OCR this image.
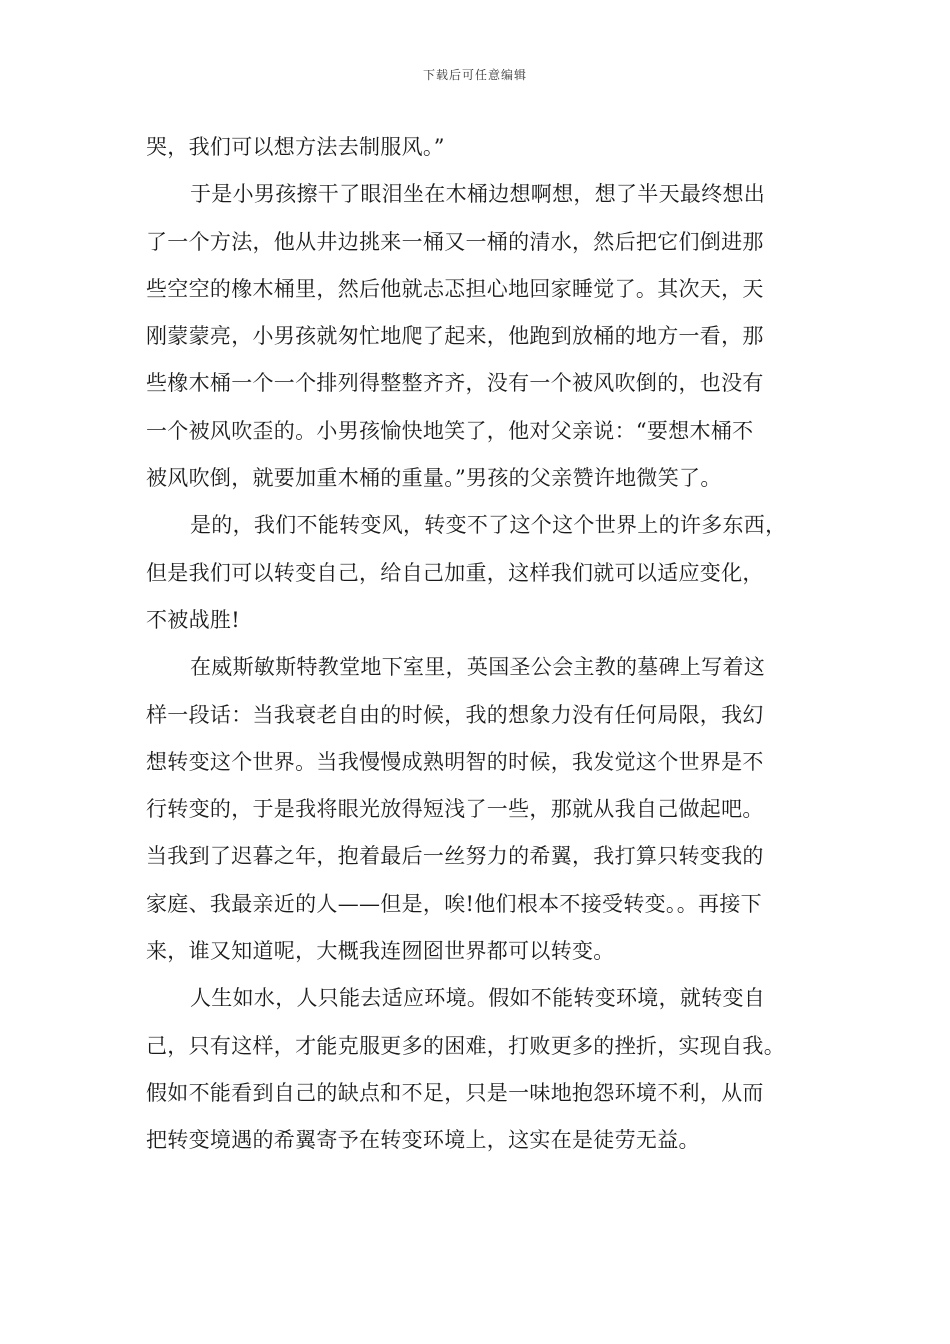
下载后可任意编辑
哭，我们可以想方法去制服风。”
于是小男孩擦干了眼泪坐在木桶边想啊想，想了半天最终想出
了一个方法，他从井边挑来一桶又一桶的清水，然后把它们倒进那
些空空的橡木桶里，然后他就忐忑担心地回家睡觉了。其次天，天
刚蒙蒙亮，小男孩就匆忙地爬了起来，他跑到放桶的地方一看，那
些橡木桶一个一个排列得整整齐齐，没有一个被风吹倒的，也没有
一个被风吹歪的。小男孩愉快地笑了，他对父亲说：“要想木桶不
被风吹倒，就要加重木桶的重量。”男孩的父亲赞许地微笑了。
是的，我们不能转变风，转变不了这个这个世界上的许多东西，
但是我们可以转变自己，给自己加重，这样我们就可以适应变化，
不被战胜!
在威斯敏斯特教堂地下室里，英国圣公会主教的墓碑上写着这
样一段话：当我衰老自由的时候，我的想象力没有任何局限，我幻
想转变这个世界。当我慢慢成熟明智的时候，我发觉这个世界是不
行转变的，于是我将眼光放得短浅了一些，那就从我自己做起吧。
当我到了迟暮之年，抱着最后一丝努力的希翼，我打算只转变我的
家庭、我最亲近的人——但是，唉!他们根本不接受转变。。再接下
来，谁又知道呢，大概我连囫囵世界都可以转变。
人生如水，人只能去适应环境。假如不能转变环境，就转变自
己，只有这样，才能克服更多的困难，打败更多的挫折，实现自我。
假如不能看到自己的缺点和不足，只是一味地抱怨环境不利，从而
把转变境遇的希翼寄予在转变环境上，这实在是徒劳无益。
